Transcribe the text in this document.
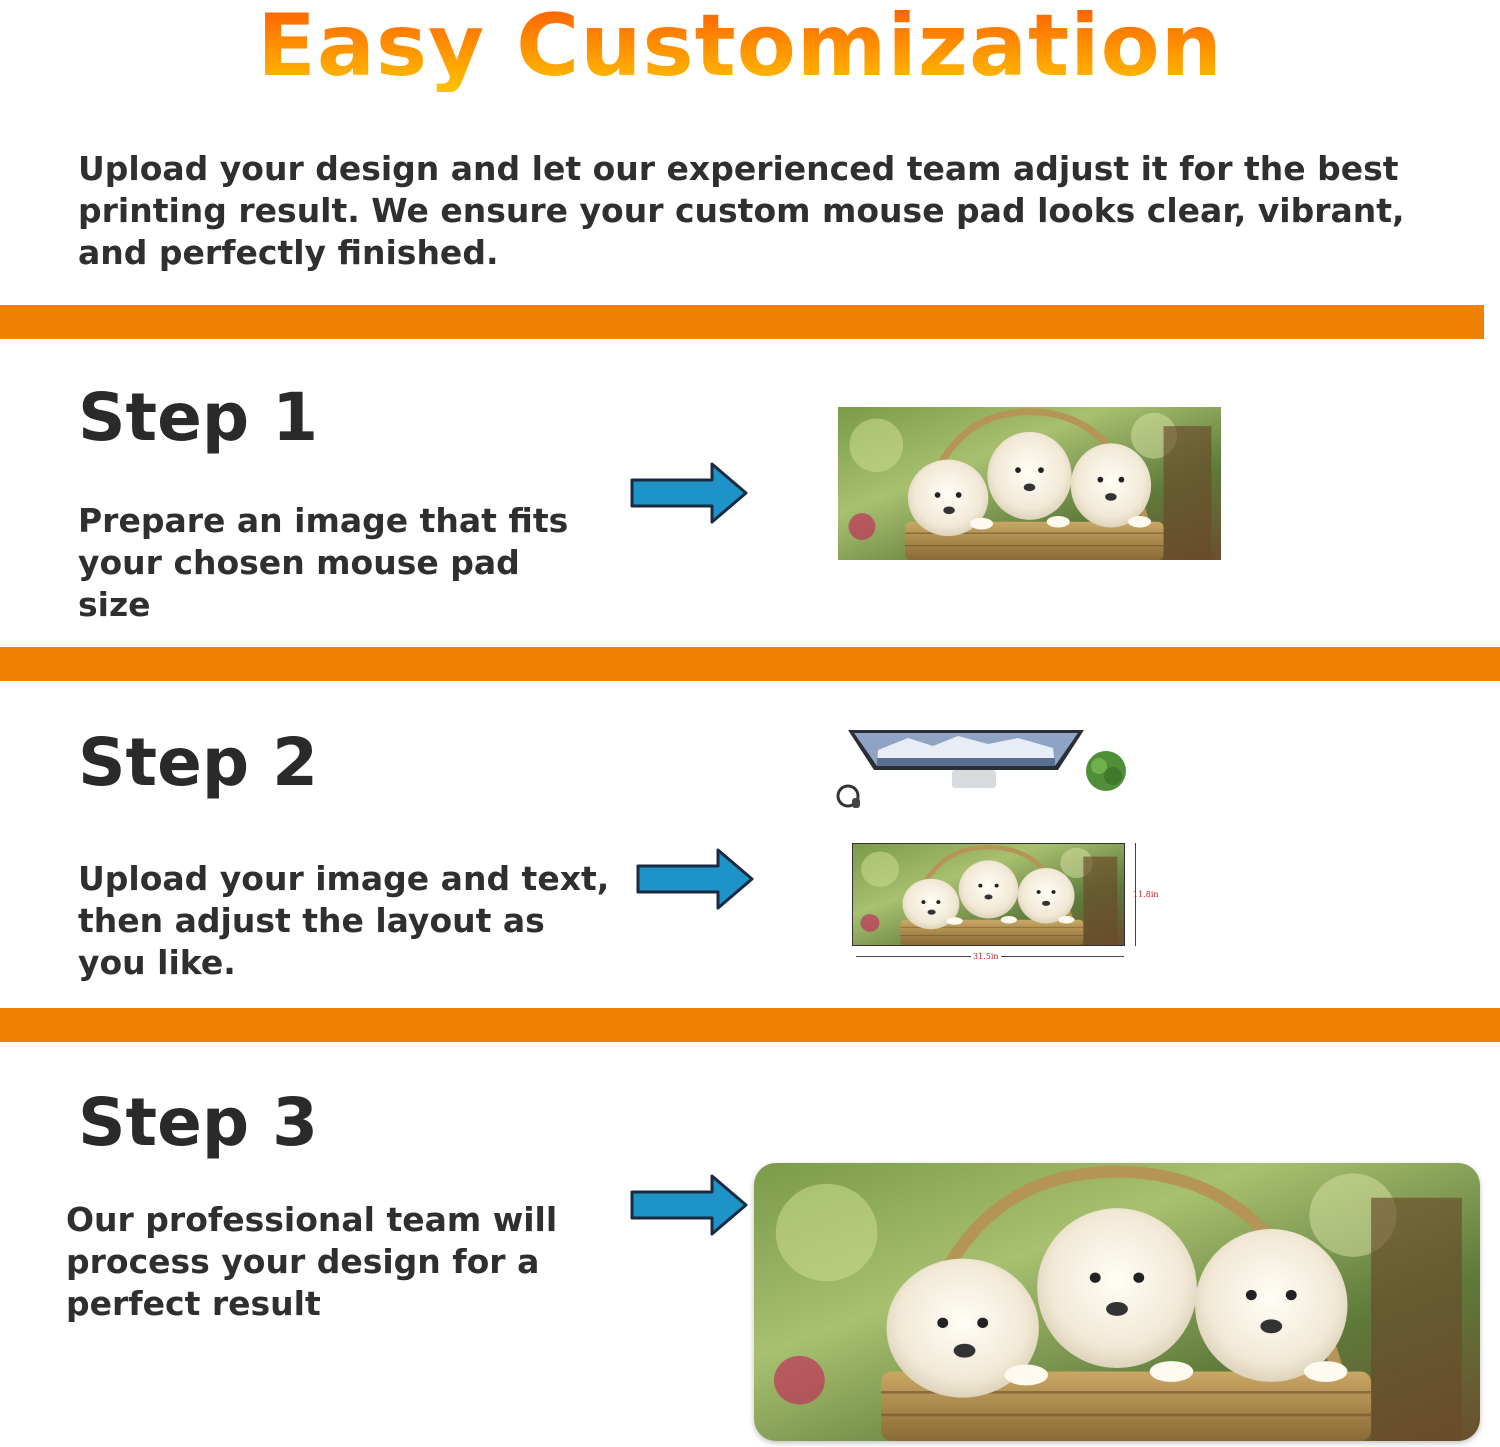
Easy Customization
Upload your design and let our experienced team adjust it for the best printing result. We ensure your custom mouse pad looks clear, vibrant, and perfectly finished.
Step 1
Prepare an image that fits your chosen mouse pad size
Step 2
Upload your image and text, then adjust the layout as you like.
11.8in
31.5in
Step 3
Our professional team will process your design for a perfect result
